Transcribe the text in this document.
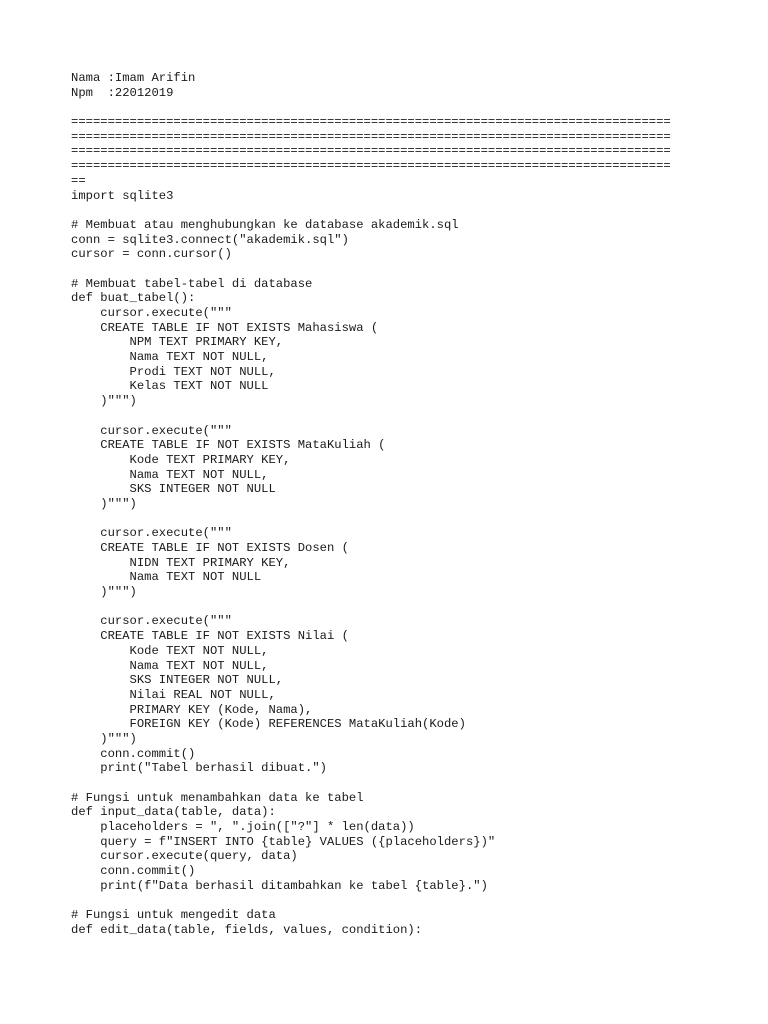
Nama :Imam Arifin
Npm  :22012019
==================================================================================
==================================================================================
==================================================================================
==================================================================================
==
import sqlite3
# Membuat atau menghubungkan ke database akademik.sql
conn = sqlite3.connect("akademik.sql")
cursor = conn.cursor()
# Membuat tabel-tabel di database
def buat_tabel():
cursor.execute("""
CREATE TABLE IF NOT EXISTS Mahasiswa (
NPM TEXT PRIMARY KEY,
Nama TEXT NOT NULL,
Prodi TEXT NOT NULL,
Kelas TEXT NOT NULL
)""")
cursor.execute("""
CREATE TABLE IF NOT EXISTS MataKuliah (
Kode TEXT PRIMARY KEY,
Nama TEXT NOT NULL,
SKS INTEGER NOT NULL
)""")
cursor.execute("""
CREATE TABLE IF NOT EXISTS Dosen (
NIDN TEXT PRIMARY KEY,
Nama TEXT NOT NULL
)""")
cursor.execute("""
CREATE TABLE IF NOT EXISTS Nilai (
Kode TEXT NOT NULL,
Nama TEXT NOT NULL,
SKS INTEGER NOT NULL,
Nilai REAL NOT NULL,
PRIMARY KEY (Kode, Nama),
FOREIGN KEY (Kode) REFERENCES MataKuliah(Kode)
)""")
conn.commit()
print("Tabel berhasil dibuat.")
# Fungsi untuk menambahkan data ke tabel
def input_data(table, data):
placeholders = ", ".join(["?"] * len(data))
query = f"INSERT INTO {table} VALUES ({placeholders})"
cursor.execute(query, data)
conn.commit()
print(f"Data berhasil ditambahkan ke tabel {table}.")
# Fungsi untuk mengedit data
def edit_data(table, fields, values, condition):
